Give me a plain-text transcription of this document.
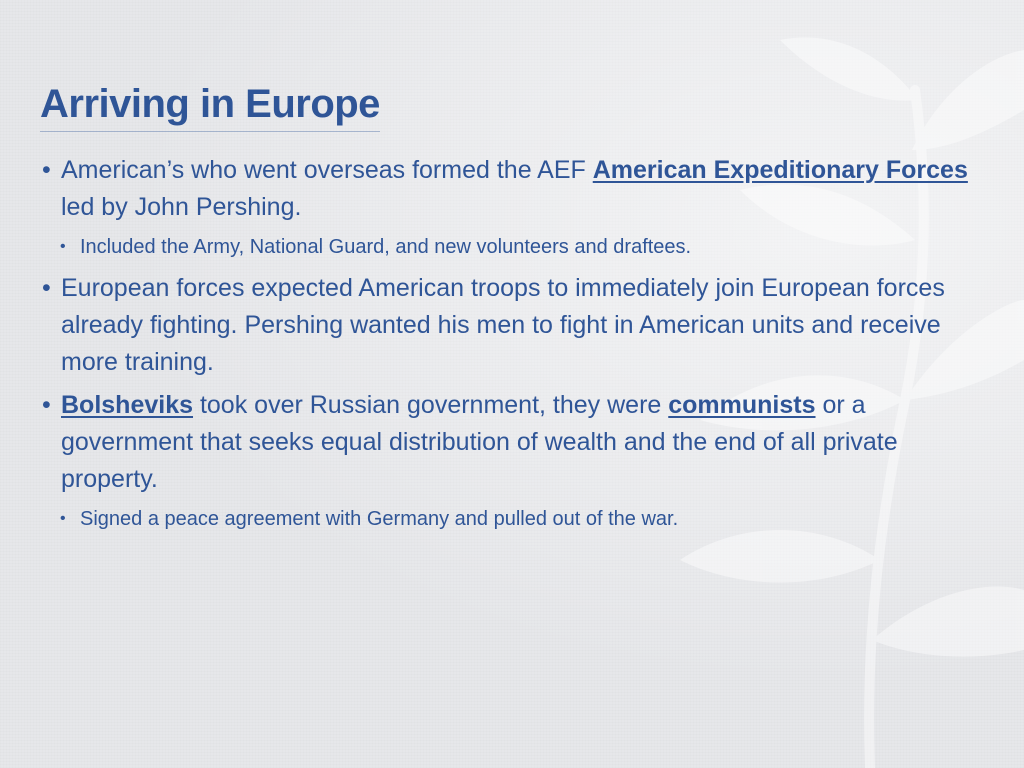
Arriving in Europe
• American’s who went overseas formed the AEF American Expeditionary Forces led by John Pershing.
• Included the Army, National Guard, and new volunteers and draftees.
• European forces expected American troops to immediately join European forces already fighting. Pershing wanted his men to fight in American units and receive more training.
• Bolsheviks took over Russian government, they were communists or a government that seeks equal distribution of wealth and the end of all private property.
• Signed a peace agreement with Germany and pulled out of the war.
